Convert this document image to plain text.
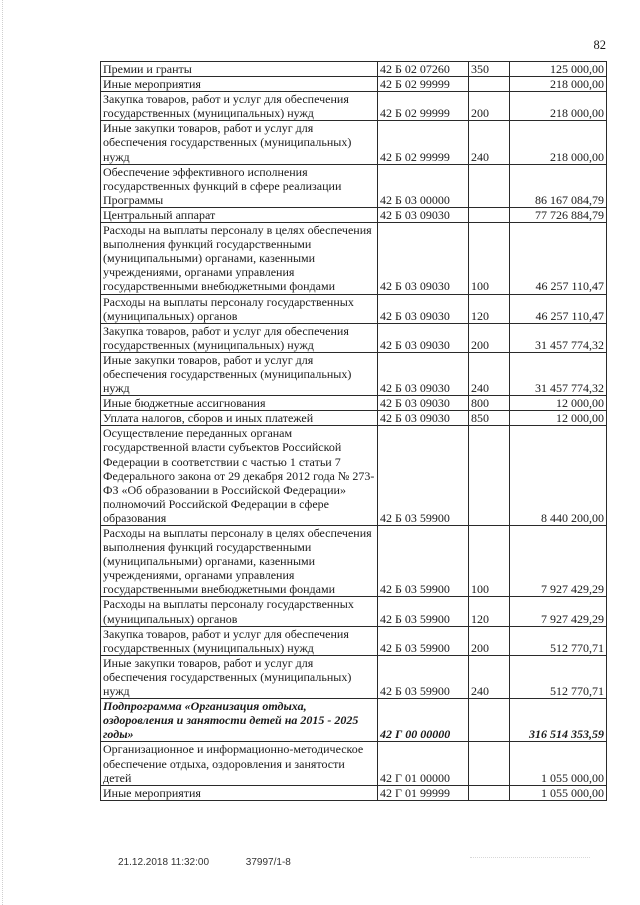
82
Премии и гранты	42 Б 02 07260	350	125 000,00
Иные мероприятия	42 Б 02 99999		218 000,00
Закупка товаров, работ и услуг для обеспечения государственных (муниципальных) нужд	42 Б 02 99999	200	218 000,00
Иные закупки товаров, работ и услуг для обеспечения государственных (муниципальных) нужд	42 Б 02 99999	240	218 000,00
Обеспечение эффективного исполнения государственных функций в сфере реализации Программы	42 Б 03 00000		86 167 084,79
Центральный аппарат	42 Б 03 09030		77 726 884,79
Расходы на выплаты персоналу в целях обеспечения выполнения функций государственными (муниципальными) органами, казенными учреждениями, органами управления государственными внебюджетными фондами	42 Б 03 09030	100	46 257 110,47
Расходы на выплаты персоналу государственных (муниципальных) органов	42 Б 03 09030	120	46 257 110,47
Закупка товаров, работ и услуг для обеспечения государственных (муниципальных) нужд	42 Б 03 09030	200	31 457 774,32
Иные закупки товаров, работ и услуг для обеспечения государственных (муниципальных) нужд	42 Б 03 09030	240	31 457 774,32
Иные бюджетные ассигнования	42 Б 03 09030	800	12 000,00
Уплата налогов, сборов и иных платежей	42 Б 03 09030	850	12 000,00
Осуществление переданных органам государственной власти субъектов Российской Федерации в соответствии с частью 1 статьи 7 Федерального закона от 29 декабря 2012 года № 273-ФЗ «Об образовании в Российской Федерации» полномочий Российской Федерации в сфере образования	42 Б 03 59900		8 440 200,00
Расходы на выплаты персоналу в целях обеспечения выполнения функций государственными (муниципальными) органами, казенными учреждениями, органами управления государственными внебюджетными фондами	42 Б 03 59900	100	7 927 429,29
Расходы на выплаты персоналу государственных (муниципальных) органов	42 Б 03 59900	120	7 927 429,29
Закупка товаров, работ и услуг для обеспечения государственных (муниципальных) нужд	42 Б 03 59900	200	512 770,71
Иные закупки товаров, работ и услуг для обеспечения государственных (муниципальных) нужд	42 Б 03 59900	240	512 770,71
Подпрограмма «Организация отдыха, оздоровления и занятости детей на 2015 - 2025 годы»	42 Г 00 00000		316 514 353,59
Организационное и информационно-методическое обеспечение отдыха, оздоровления и занятости детей	42 Г 01 00000		1 055 000,00
Иные мероприятия	42 Г 01 99999		1 055 000,00
21.12.2018 11:32:00	37997/1-8
